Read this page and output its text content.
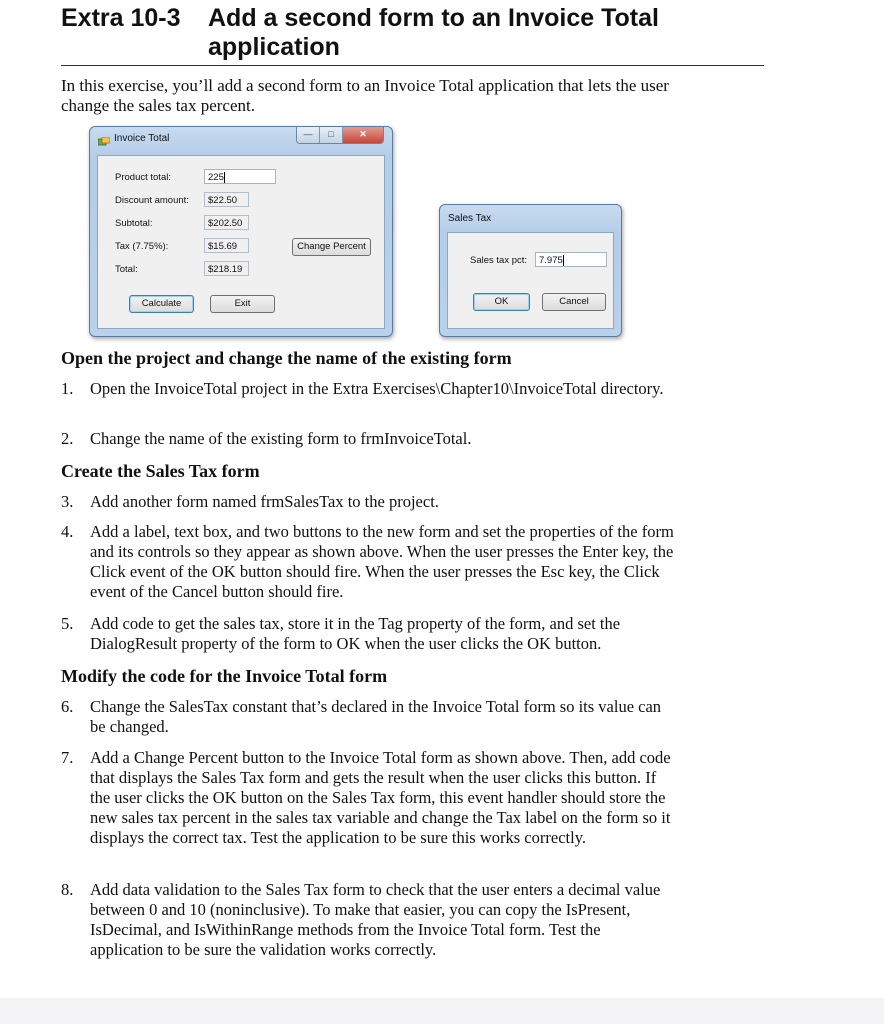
Extra 10-3 Add a second form to an Invoice Total application
In this exercise, you’ll add a second form to an Invoice Total application that lets the user change the sales tax percent.
Invoice Total	—	□	✕
Product total:	225
Discount amount:	$22.50
Subtotal:	$202.50
Tax (7.75%):	$15.69
Total:	$218.19
Change Percent
Calculate	Exit
Sales Tax
Sales tax pct:	7.975
OK	Cancel
Open the project and change the name of the existing form
1. Open the InvoiceTotal project in the Extra Exercises\Chapter10\InvoiceTotal directory.
2. Change the name of the existing form to frmInvoiceTotal.
Create the Sales Tax form
3. Add another form named frmSalesTax to the project.
4. Add a label, text box, and two buttons to the new form and set the properties of the form and its controls so they appear as shown above. When the user presses the Enter key, the Click event of the OK button should fire. When the user presses the Esc key, the Click event of the Cancel button should fire.
5. Add code to get the sales tax, store it in the Tag property of the form, and set the DialogResult property of the form to OK when the user clicks the OK button.
Modify the code for the Invoice Total form
6. Change the SalesTax constant that’s declared in the Invoice Total form so its value can be changed.
7. Add a Change Percent button to the Invoice Total form as shown above. Then, add code that displays the Sales Tax form and gets the result when the user clicks this button. If the user clicks the OK button on the Sales Tax form, this event handler should store the new sales tax percent in the sales tax variable and change the Tax label on the form so it displays the correct tax. Test the application to be sure this works correctly.
8. Add data validation to the Sales Tax form to check that the user enters a decimal value between 0 and 10 (noninclusive). To make that easier, you can copy the IsPresent, IsDecimal, and IsWithinRange methods from the Invoice Total form. Test the application to be sure the validation works correctly.
